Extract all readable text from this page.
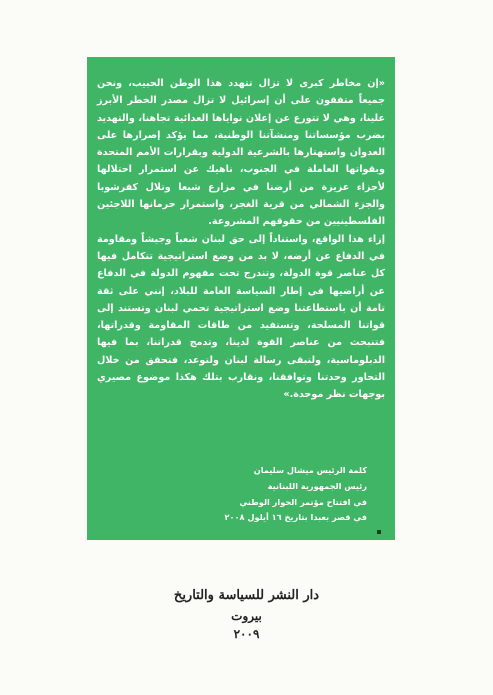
«إن مخاطر كبرى لا تزال تتهدد هذا الوطن الحبيب، ونحن جميعاً متفقون على أن إسرائيل لا تزال مصدر الخطر الأبرز علينا، وهي لا تتورع عن إعلان نواياها العدائية تجاهنا، والتهديد بضرب مؤسساتنا ومنشآتنا الوطنية، مما يؤكد إصرارها على العدوان واستهتارها بالشرعية الدولية وبقرارات الأمم المتحدة وبقواتها العاملة في الجنوب، ناهيك عن استمرار احتلالها لأجزاء عزيزة من أرضنا في مزارع شبعا وتلال كفرشوبا والجزء الشمالي من قرية الغجر، واستمرار حرمانها اللاجئين الفلسطينيين من حقوقهم المشروعة.

إزاء هذا الواقع، واستناداً إلى حق لبنان شعباً وجيشاً ومقاومة في الدفاع عن أرضه، لا بد من وضع استراتيجية تتكامل فيها كل عناصر قوة الدولة، وتندرج تحت مفهوم الدولة في الدفاع عن أراضيها في إطار السياسة العامة للبلاد، إنني على ثقة تامة أن باستطاعتنا وضع استراتيجية تحمي لبنان وتستند إلى قواتنا المسلحة، وتستفيد من طاقات المقاومة وقدراتها، فتنبحث من عناصر القوة لدينا، وتدمج قدراتنا، بما فيها الدبلوماسية، ولتبقى رسالة لبنان ولتوعد، فتحقق من خلال التحاور وحدتنا وتوافقنا، ونقارب بتلك هكذا موضوع مصيري بوجهات نظر موحدة.»

كلمة الرئيس ميشال سليمان
رئيس الجمهورية اللبنانية
في افتتاح مؤتمر الحوار الوطني
في قصر بعبدا بتاريخ ١٦ أيلول ٢٠٠٨
دار النشر للسياسة والتاريخ
بيروت
٢٠٠٩
